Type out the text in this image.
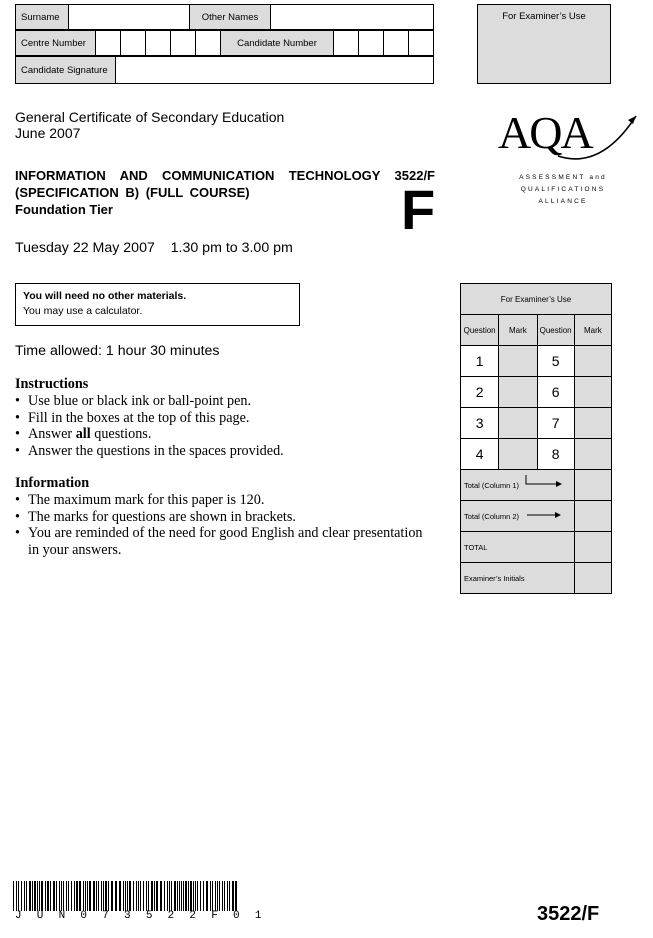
Surname		Other Names	
Centre Number						Candidate Number				
Candidate Signature	
For Examiner’s Use
General Certificate of Secondary Education
June 2007	AQA
ASSESSMENT and
QUALIFICATIONS
ALLIANCE
INFORMATION AND COMMUNICATION TECHNOLOGY 3522/F
(SPECIFICATION B) (FULL COURSE)
Foundation Tier	F
Tuesday 22 May 2007    1.30 pm to 3.00 pm
You will need no other materials.
You may use a calculator.
Time allowed: 1 hour 30 minutes
Instructions
• Use blue or black ink or ball-point pen.
• Fill in the boxes at the top of this page.
• Answer all questions.
• Answer the questions in the spaces provided.
Information
• The maximum mark for this paper is 120.
• The marks for questions are shown in brackets.
• You are reminded of the need for good English and clear presentation in your answers.
For Examiner’s Use			
Question	Mark	Question	Mark
1		5	
2		6	
3		7	
4		8	
Total (Column 1)		

Total (Column 2)		

TOTAL			
Examiner’s Initials			
J U N 0 7 3 5 2 2 F 0 1	3522/F
